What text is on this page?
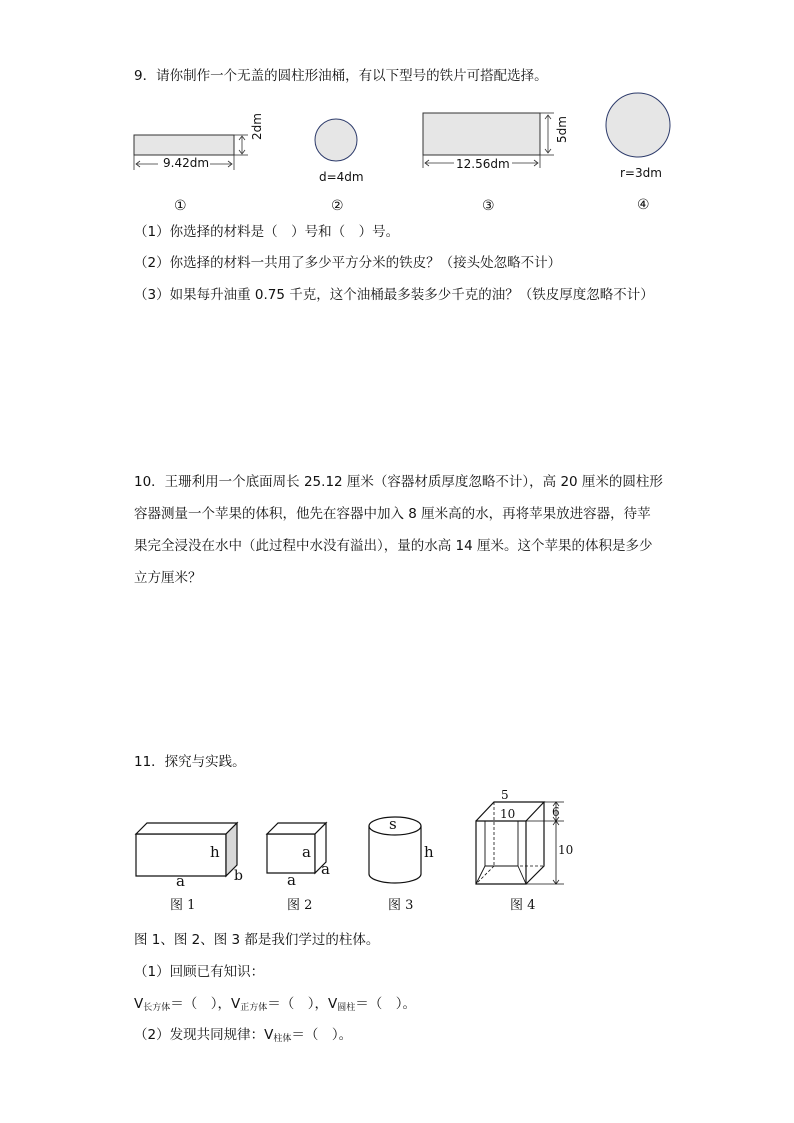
9．请你制作一个无盖的圆柱形油桶，有以下型号的铁片可搭配选择。
9.42dm
2dm
①
d=4dm
②
12.56dm
5dm
③
r=3dm
④
（1）你选择的材料是（　）号和（　）号。
（2）你选择的材料一共用了多少平方分米的铁皮？（接头处忽略不计）
（3）如果每升油重 0.75 千克，这个油桶最多装多少千克的油？（铁皮厚度忽略不计）
10．王珊利用一个底面周长 25.12 厘米（容器材质厚度忽略不计），高 20 厘米的圆柱形
容器测量一个苹果的体积，他先在容器中加入 8 厘米高的水，再将苹果放进容器，待苹
果完全浸没在水中（此过程中水没有溢出），量的水高 14 厘米。这个苹果的体积是多少
立方厘米？
11．探究与实践。
h
a	b
图 1
a
a
a
图 2
s
h
图 3
5
10	6
10
图 4
图 1、图 2、图 3 都是我们学过的柱体。
（1）回顾已有知识：
$V_{长方体}=$（　），$V_{正方体}=$（　），$V_{圆柱}=$（　）。
（2）发现共同规律：$V_{柱体}=$（　）。
